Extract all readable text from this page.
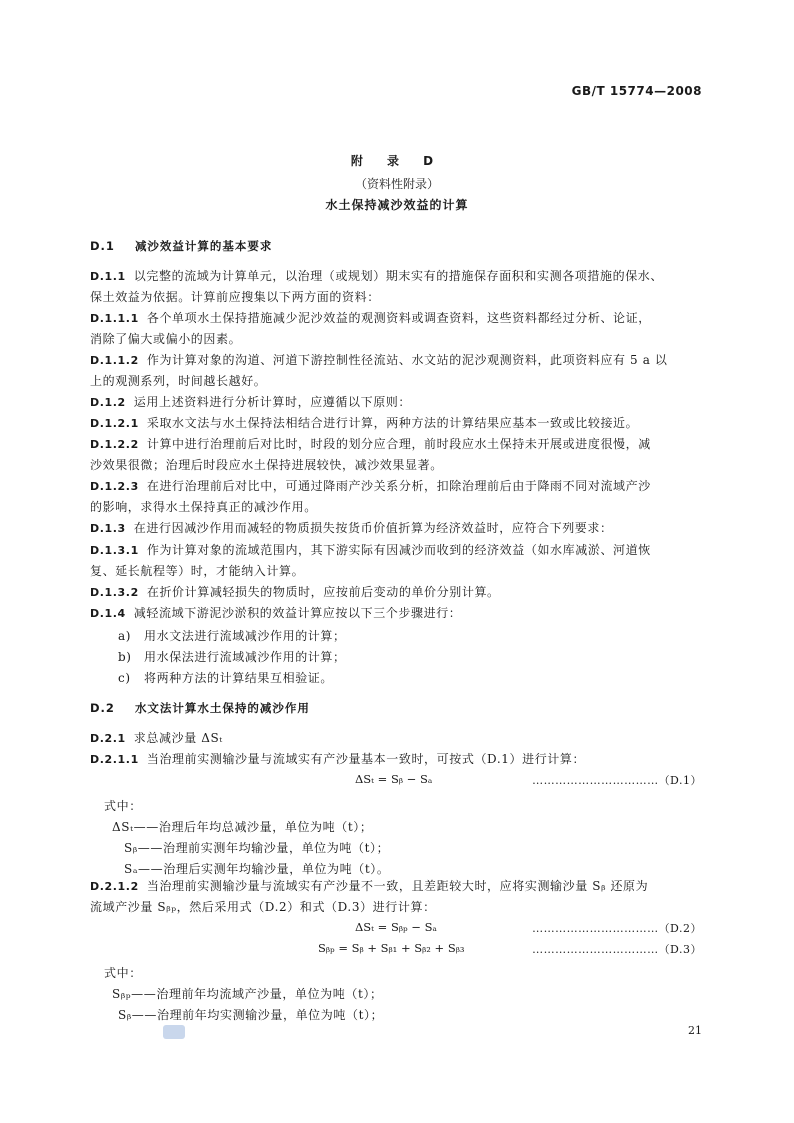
GB/T 15774—2008
附 录 D
（资料性附录）
水土保持减沙效益的计算
D.1 减沙效益计算的基本要求
D.1.1 以完整的流域为计算单元，以治理（或规划）期末实有的措施保存面积和实测各项措施的保水、
保土效益为依据。计算前应搜集以下两方面的资料：
D.1.1.1 各个单项水土保持措施减少泥沙效益的观测资料或调查资料，这些资料都经过分析、论证，
消除了偏大或偏小的因素。
D.1.1.2 作为计算对象的沟道、河道下游控制性径流站、水文站的泥沙观测资料，此项资料应有 5 a 以
上的观测系列，时间越长越好。
D.1.2 运用上述资料进行分析计算时，应遵循以下原则：
D.1.2.1 采取水文法与水土保持法相结合进行计算，两种方法的计算结果应基本一致或比较接近。
D.1.2.2 计算中进行治理前后对比时，时段的划分应合理，前时段应水土保持未开展或进度很慢，减
沙效果很微；治理后时段应水土保持进展较快，减沙效果显著。
D.1.2.3 在进行治理前后对比中，可通过降雨产沙关系分析，扣除治理前后由于降雨不同对流域产沙
的影响，求得水土保持真正的减沙作用。
D.1.3 在进行因减沙作用而减轻的物质损失按货币价值折算为经济效益时，应符合下列要求：
D.1.3.1 作为计算对象的流域范围内，其下游实际有因减沙而收到的经济效益（如水库减淤、河道恢
复、延长航程等）时，才能纳入计算。
D.1.3.2 在折价计算减轻损失的物质时，应按前后变动的单价分别计算。
D.1.4 减轻流域下游泥沙淤积的效益计算应按以下三个步骤进行：
a) 用水文法进行流域减沙作用的计算；
b) 用水保法进行流域减沙作用的计算；
c) 将两种方法的计算结果互相验证。
D.2 水文法计算水土保持的减沙作用
D.2.1 求总减沙量 ΔSₜ
D.2.1.1 当治理前实测输沙量与流域实有产沙量基本一致时，可按式（D.1）进行计算：
ΔSₜ = Sᵦ − Sₐ	……………………………（D.1）
式中：
ΔSₜ——治理后年均总减沙量，单位为吨（t）；
Sᵦ——治理前实测年均输沙量，单位为吨（t）；
Sₐ——治理后实测年均输沙量，单位为吨（t）。
D.2.1.2 当治理前实测输沙量与流域实有产沙量不一致，且差距较大时，应将实测输沙量 Sᵦ 还原为
流域产沙量 Sᵦₚ，然后采用式（D.2）和式（D.3）进行计算：
ΔSₜ = Sᵦₚ − Sₐ	……………………………（D.2）
Sᵦₚ = Sᵦ + Sᵦ₁ + Sᵦ₂ + Sᵦ₃	……………………………（D.3）
式中：
Sᵦₚ——治理前年均流域产沙量，单位为吨（t）；
Sᵦ——治理前年均实测输沙量，单位为吨（t）；
21
